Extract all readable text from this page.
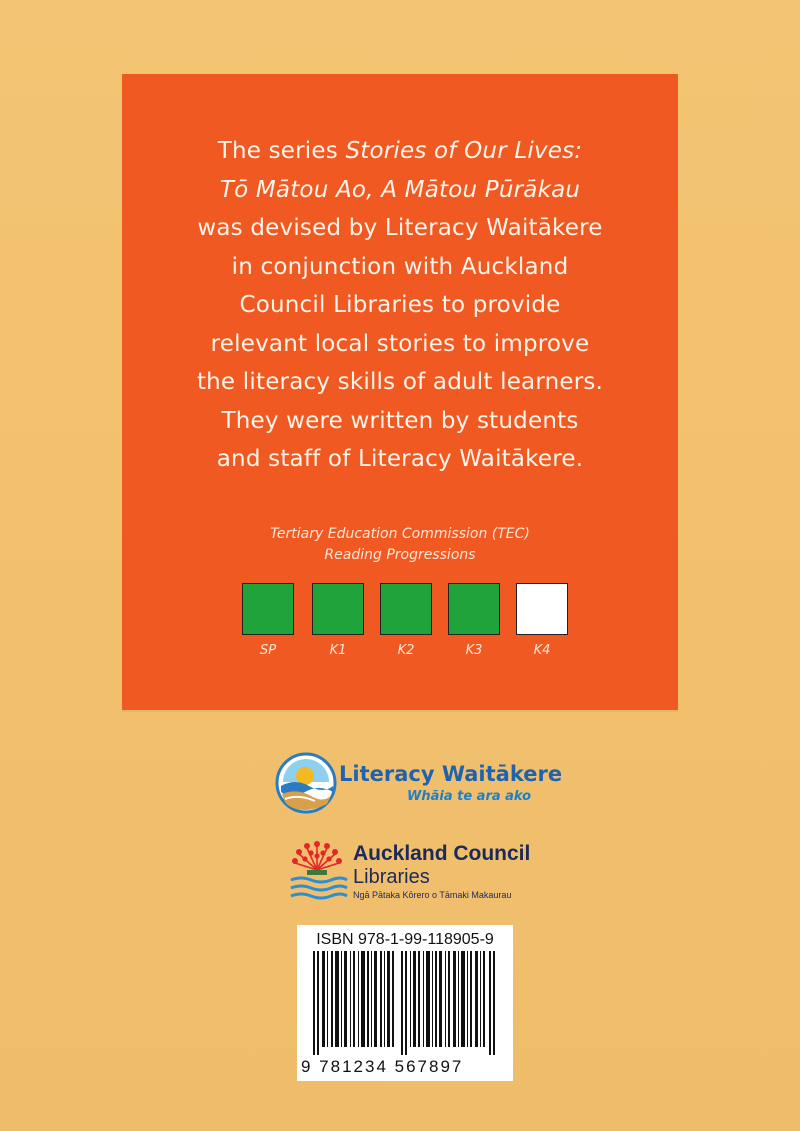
The series Stories of Our Lives:
Tō Mātou Ao, A Mātou Pūrākau
was devised by Literacy Waitākere
in conjunction with Auckland
Council Libraries to provide
relevant local stories to improve
the literacy skills of adult learners.
They were written by students
and staff of Literacy Waitākere.
Tertiary Education Commission (TEC)
Reading Progressions
SP	K1	K2	K3	K4
Literacy Waitākere
Whāia te ara ako
Auckland Council
Libraries
Ngā Pātaka Kōrero o Tāmaki Makaurau
ISBN 978-1-99-118905-9
9 781234 567897
